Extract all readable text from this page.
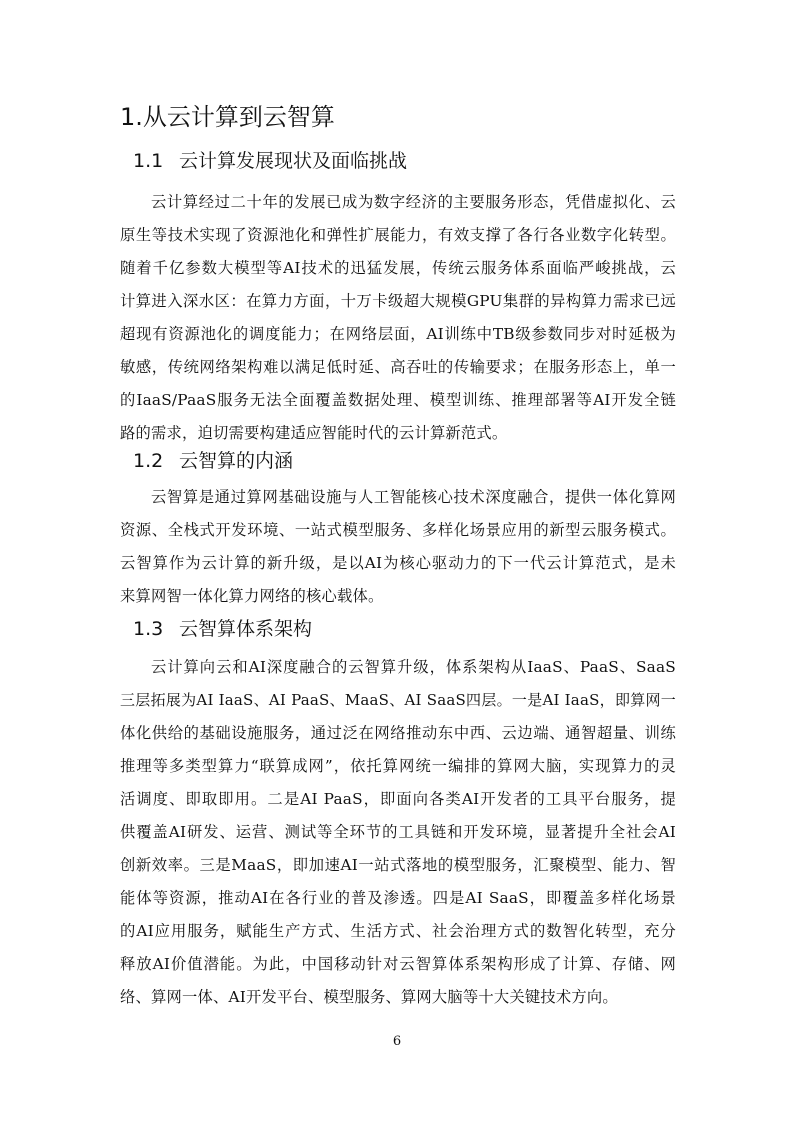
1.从云计算到云智算
1.1 云计算发展现状及面临挑战
云计算经过二十年的发展已成为数字经济的主要服务形态，凭借虚拟化、云
原生等技术实现了资源池化和弹性扩展能力，有效支撑了各行各业数字化转型。
随着千亿参数大模型等AI技术的迅猛发展，传统云服务体系面临严峻挑战，云
计算进入深水区：在算力方面，十万卡级超大规模GPU集群的异构算力需求已远
超现有资源池化的调度能力；在网络层面，AI训练中TB级参数同步对时延极为
敏感，传统网络架构难以满足低时延、高吞吐的传输要求；在服务形态上，单一
的IaaS/PaaS服务无法全面覆盖数据处理、模型训练、推理部署等AI开发全链
路的需求，迫切需要构建适应智能时代的云计算新范式。
1.2 云智算的内涵
云智算是通过算网基础设施与人工智能核心技术深度融合，提供一体化算网
资源、全栈式开发环境、一站式模型服务、多样化场景应用的新型云服务模式。
云智算作为云计算的新升级，是以AI为核心驱动力的下一代云计算范式，是未
来算网智一体化算力网络的核心载体。
1.3 云智算体系架构
云计算向云和AI深度融合的云智算升级，体系架构从IaaS、PaaS、SaaS
三层拓展为AI IaaS、AI PaaS、MaaS、AI SaaS四层。一是AI IaaS，即算网一
体化供给的基础设施服务，通过泛在网络推动东中西、云边端、通智超量、训练
推理等多类型算力“联算成网”，依托算网统一编排的算网大脑，实现算力的灵
活调度、即取即用。二是AI PaaS，即面向各类AI开发者的工具平台服务，提
供覆盖AI研发、运营、测试等全环节的工具链和开发环境，显著提升全社会AI
创新效率。三是MaaS，即加速AI一站式落地的模型服务，汇聚模型、能力、智
能体等资源，推动AI在各行业的普及渗透。四是AI SaaS，即覆盖多样化场景
的AI应用服务，赋能生产方式、生活方式、社会治理方式的数智化转型，充分
释放AI价值潜能。为此，中国移动针对云智算体系架构形成了计算、存储、网
络、算网一体、AI开发平台、模型服务、算网大脑等十大关键技术方向。
6
